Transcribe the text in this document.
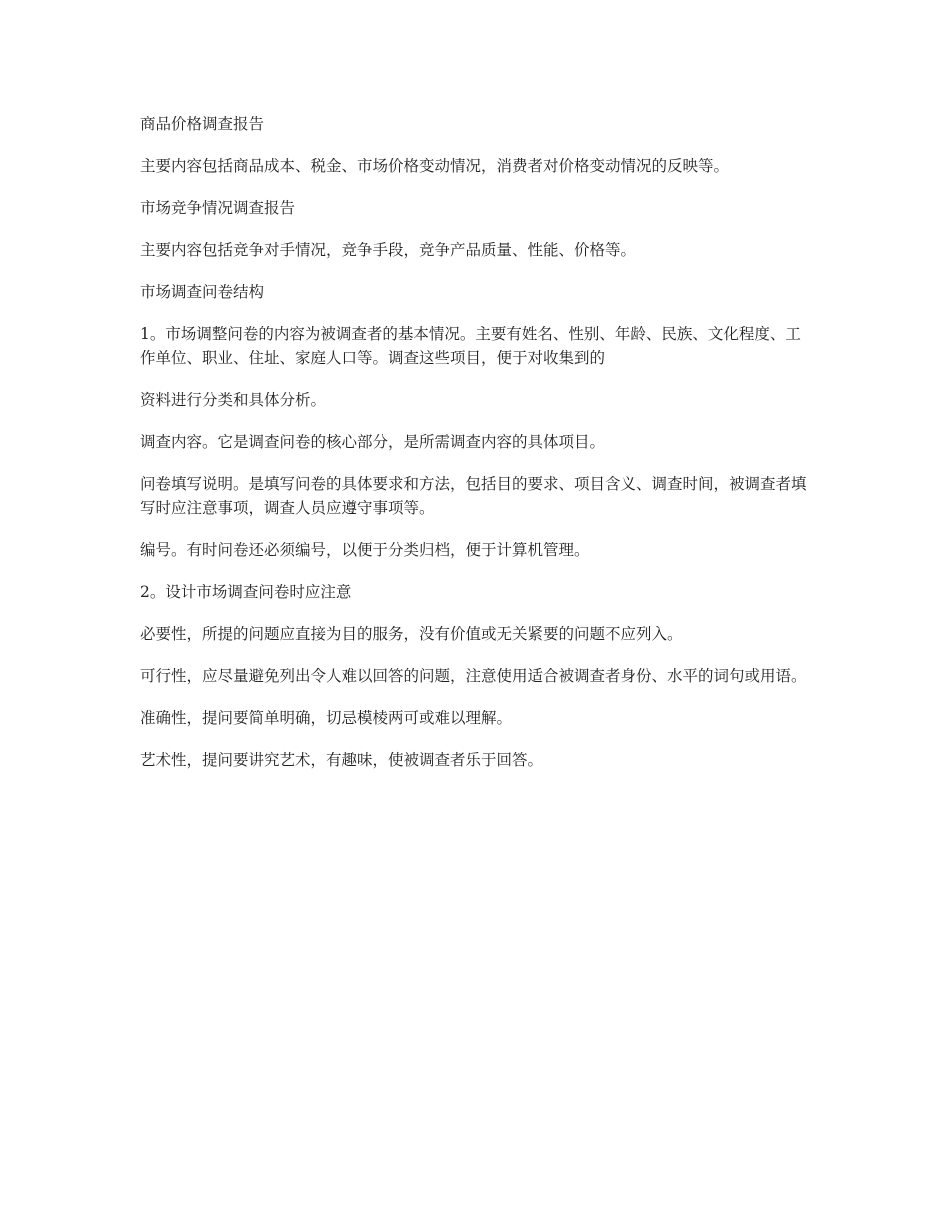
商品价格调查报告

主要内容包括商品成本、税金、市场价格变动情况，消费者对价格变动情况的反映等。

市场竞争情况调查报告

主要内容包括竞争对手情况，竞争手段，竞争产品质量、性能、价格等。

市场调查问卷结构

1。市场调整问卷的内容为被调查者的基本情况。主要有姓名、性别、年龄、民族、文化程度、工作单位、职业、住址、家庭人口等。调查这些项目，便于对收集到的

资料进行分类和具体分析。

调查内容。它是调查问卷的核心部分，是所需调查内容的具体项目。

问卷填写说明。是填写问卷的具体要求和方法，包括目的要求、项目含义、调查时间，被调查者填写时应注意事项，调查人员应遵守事项等。

编号。有时问卷还必须编号，以便于分类归档，便于计算机管理。

2。设计市场调查问卷时应注意

必要性，所提的问题应直接为目的服务，没有价值或无关紧要的问题不应列入。

可行性，应尽量避免列出令人难以回答的问题，注意使用适合被调查者身份、水平的词句或用语。

准确性，提问要简单明确，切忌模棱两可或难以理解。

艺术性，提问要讲究艺术，有趣味，使被调查者乐于回答。
